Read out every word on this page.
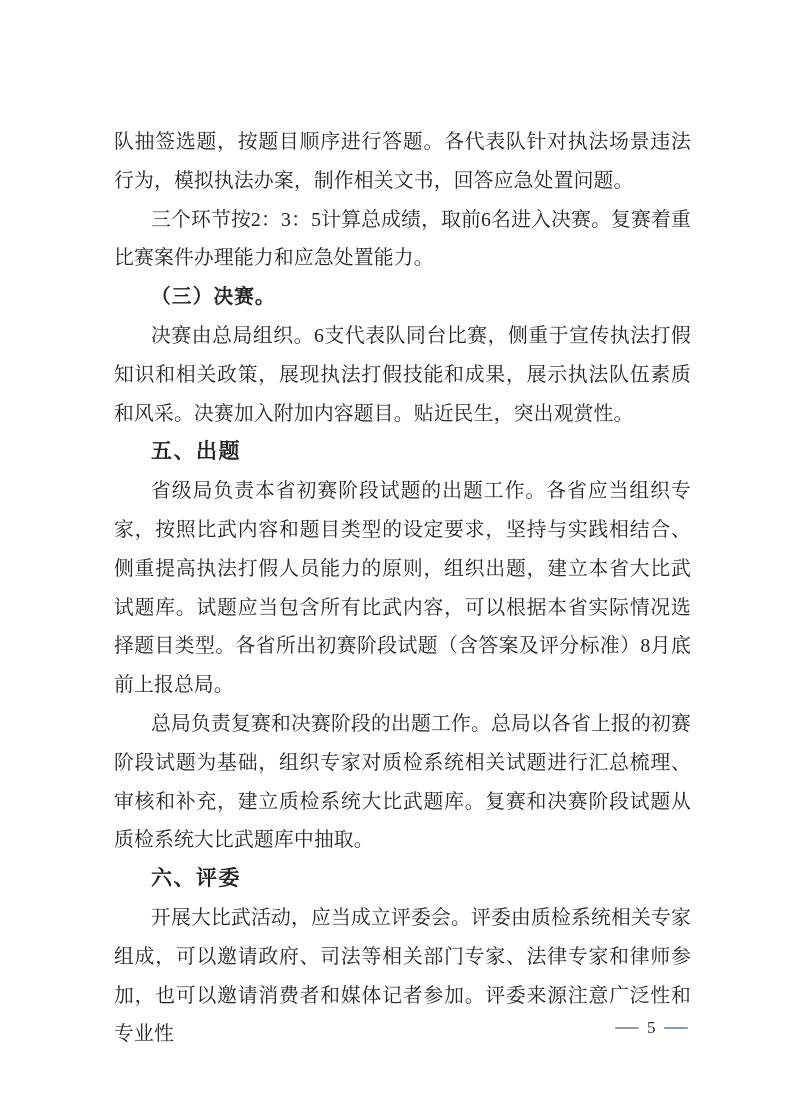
队抽签选题，按题目顺序进行答题。各代表队针对执法场景违法行为，模拟执法办案，制作相关文书，回答应急处置问题。

三个环节按2：3：5计算总成绩，取前6名进入决赛。复赛着重比赛案件办理能力和应急处置能力。

（三）决赛。

决赛由总局组织。6支代表队同台比赛，侧重于宣传执法打假知识和相关政策，展现执法打假技能和成果，展示执法队伍素质和风采。决赛加入附加内容题目。贴近民生，突出观赏性。

五、出题

省级局负责本省初赛阶段试题的出题工作。各省应当组织专家，按照比武内容和题目类型的设定要求，坚持与实践相结合、侧重提高执法打假人员能力的原则，组织出题，建立本省大比武试题库。试题应当包含所有比武内容，可以根据本省实际情况选择题目类型。各省所出初赛阶段试题（含答案及评分标准）8月底前上报总局。

总局负责复赛和决赛阶段的出题工作。总局以各省上报的初赛阶段试题为基础，组织专家对质检系统相关试题进行汇总梳理、审核和补充，建立质检系统大比武题库。复赛和决赛阶段试题从质检系统大比武题库中抽取。

六、评委

开展大比武活动，应当成立评委会。评委由质检系统相关专家组成，可以邀请政府、司法等相关部门专家、法律专家和律师参加，也可以邀请消费者和媒体记者参加。评委来源注意广泛性和专业性	5
